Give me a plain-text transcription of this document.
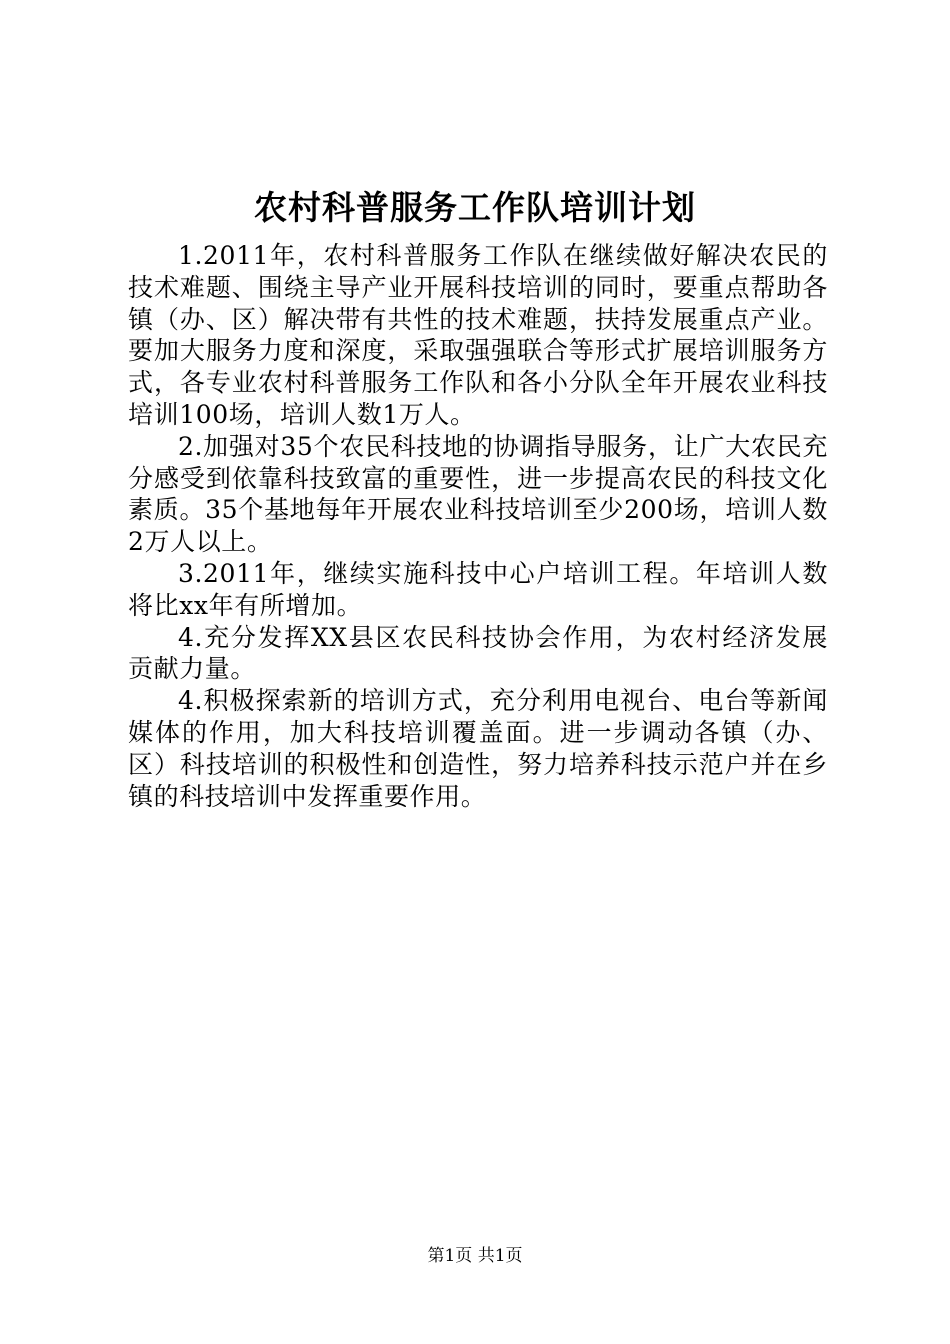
农村科普服务工作队培训计划

1.2011年，农村科普服务工作队在继续做好解决农民的技术难题、围绕主导产业开展科技培训的同时，要重点帮助各镇（办、区）解决带有共性的技术难题，扶持发展重点产业。要加大服务力度和深度，采取强强联合等形式扩展培训服务方式，各专业农村科普服务工作队和各小分队全年开展农业科技培训100场，培训人数1万人。

2.加强对35个农民科技地的协调指导服务，让广大农民充分感受到依靠科技致富的重要性，进一步提高农民的科技文化素质。35个基地每年开展农业科技培训至少200场，培训人数2万人以上。

3.2011年，继续实施科技中心户培训工程。年培训人数将比xx年有所增加。

4.充分发挥XX县区农民科技协会作用，为农村经济发展贡献力量。

4.积极探索新的培训方式，充分利用电视台、电台等新闻媒体的作用，加大科技培训覆盖面。进一步调动各镇（办、区）科技培训的积极性和创造性，努力培养科技示范户并在乡镇的科技培训中发挥重要作用。

第1页 共1页
